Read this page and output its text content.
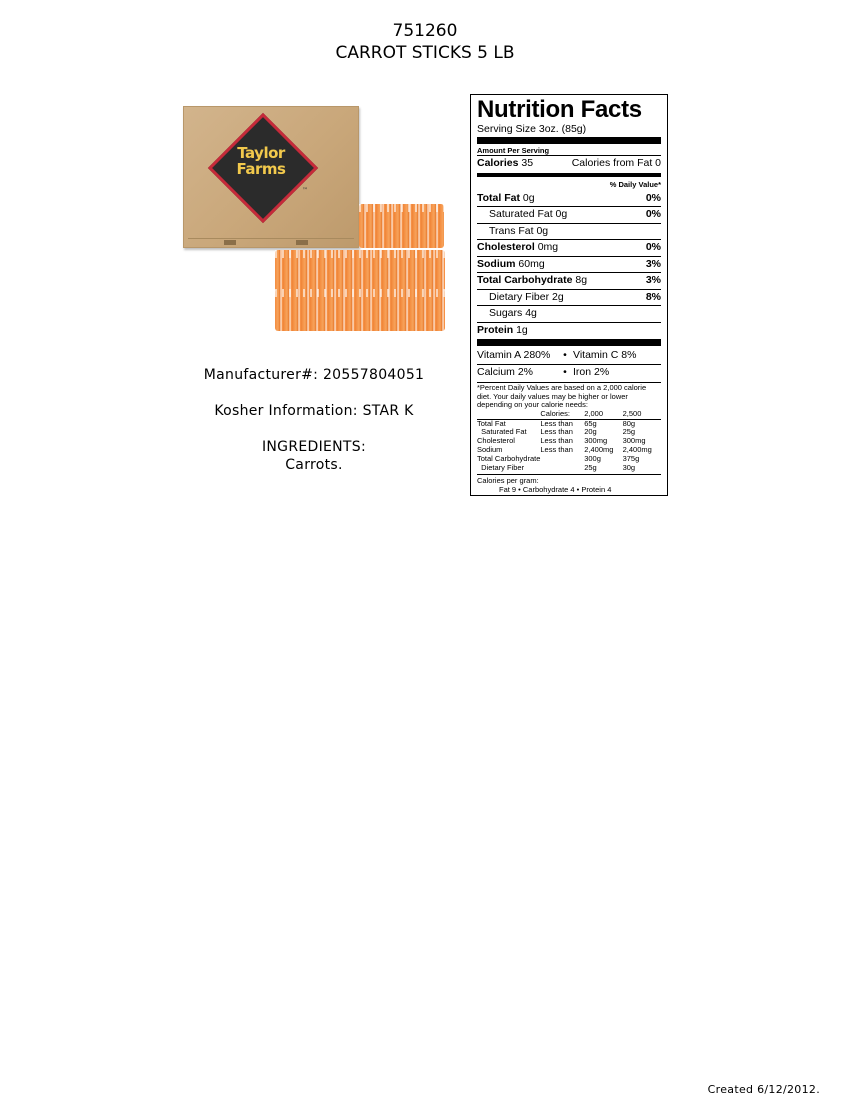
751260
CARROT STICKS 5 LB
Taylor
Farms
™
Manufacturer#: 20557804051
Kosher Information: STAR K
INGREDIENTS:
Carrots.
Nutrition Facts
Serving Size 3oz. (85g)
Amount Per Serving
Calories 35	Calories from Fat 0
% Daily Value*
Total Fat 0g	0%
Saturated Fat 0g	0%
Trans Fat 0g
Cholesterol 0mg	0%
Sodium 60mg	3%
Total Carbohydrate 8g	3%
Dietary Fiber 2g	8%
Sugars 4g
Protein 1g
Vitamin A 280%	• Vitamin C 8%
Calcium 2%	• Iron 2%
*Percent Daily Values are based on a 2,000 calorie diet. Your daily values may be higher or lower depending on your calorie needs:
	Calories:	2,000	2,500
Total Fat	Less than	65g	80g
Saturated Fat	Less than	20g	25g
Cholesterol	Less than	300mg	300mg
Sodium	Less than	2,400mg	2,400mg
Total Carbohydrate		300g	375g
Dietary Fiber		25g	30g
Calories per gram:
Fat 9 • Carbohydrate 4 • Protein 4
Created 6/12/2012.
